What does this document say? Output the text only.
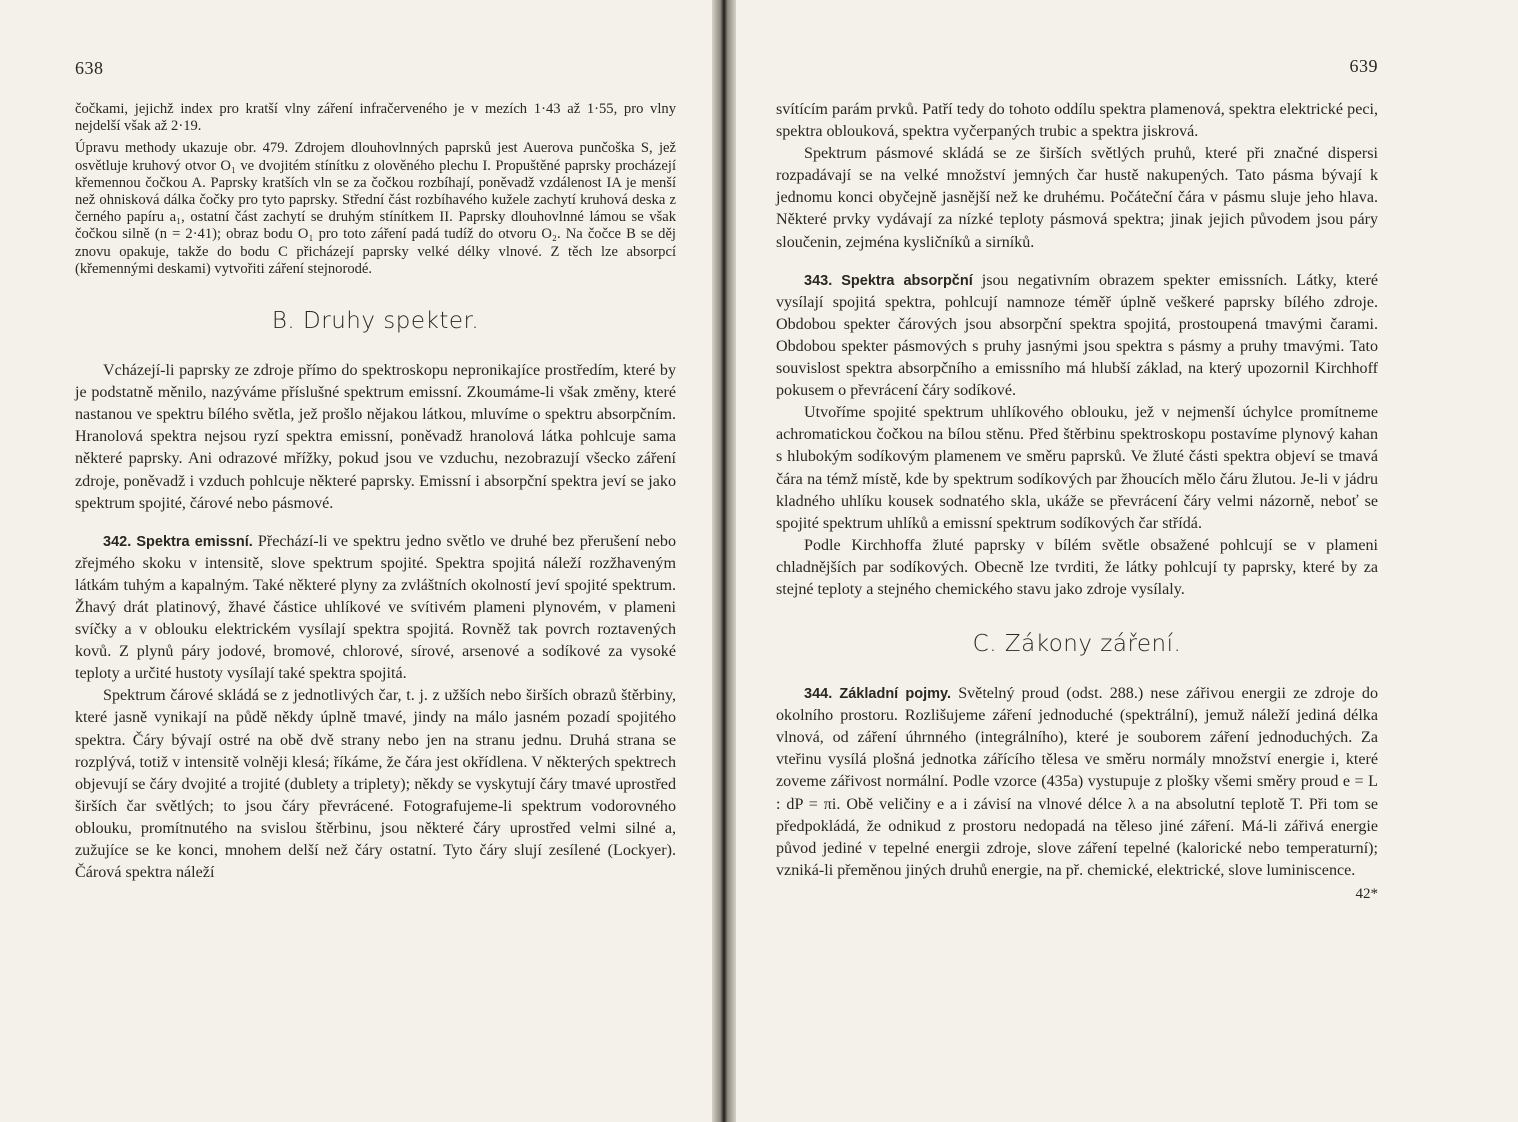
638

čočkami, jejichž index pro kratší vlny záření infračerveného je v mezích 1·43 až 1·55, pro vlny nejdelší však až 2·19.

Úpravu methody ukazuje obr. 479. Zdrojem dlouhovlnných paprsků jest Auerova punčoška S, jež osvětluje kruhový otvor O₁ ve dvojitém stínítku z olověného plechu I. Propuštěné paprsky procházejí křemennou čočkou A. Paprsky kratších vln se za čočkou rozbíhají, poněvadž vzdálenost IA je menší než ohnisková dálka čočky pro tyto paprsky. Střední část rozbíhavého kužele zachytí kruhová deska z černého papíru a₁, ostatní část zachytí se druhým stínítkem II. Paprsky dlouhovlnné lámou se však čočkou silně (n = 2·41); obraz bodu O₁ pro toto záření padá tudíž do otvoru O₂. Na čočce B se děj znovu opakuje, takže do bodu C přicházejí paprsky velké délky vlnové. Z těch lze absorpcí (křemennými deskami) vytvořiti záření stejnorodé.

B. Druhy spekter.

Vcházejí-li paprsky ze zdroje přímo do spektroskopu nepronikajíce prostředím, které by je podstatně měnilo, nazýváme příslušné spektrum emissní. Zkoumáme-li však změny, které nastanou ve spektru bílého světla, jež prošlo nějakou látkou, mluvíme o spektru absorpčním. Hranolová spektra nejsou ryzí spektra emissní, poněvadž hranolová látka pohlcuje sama některé paprsky. Ani odrazové mřížky, pokud jsou ve vzduchu, nezobrazují všecko záření zdroje, poněvadž i vzduch pohlcuje některé paprsky. Emissní i absorpční spektra jeví se jako spektrum spojité, čárové nebo pásmové.

342. Spektra emissní. Přechází-li ve spektru jedno světlo ve druhé bez přerušení nebo zřejmého skoku v intensitě, slove spektrum spojité. Spektra spojitá náleží rozžhaveným látkám tuhým a kapalným. Také některé plyny za zvláštních okolností jeví spojité spektrum. Žhavý drát platinový, žhavé částice uhlíkové ve svítivém plameni plynovém, v plameni svíčky a v oblouku elektrickém vysílají spektra spojitá. Rovněž tak povrch roztavených kovů. Z plynů páry jodové, bromové, chlorové, sírové, arsenové a sodíkové za vysoké teploty a určité hustoty vysílají také spektra spojitá.

Spektrum čárové skládá se z jednotlivých čar, t. j. z užších nebo širších obrazů štěrbiny, které jasně vynikají na půdě někdy úplně tmavé, jindy na málo jasném pozadí spojitého spektra. Čáry bývají ostré na obě dvě strany nebo jen na stranu jednu. Druhá strana se rozplývá, totiž v intensitě volněji klesá; říkáme, že čára jest okřídlena. V některých spektrech objevují se čáry dvojité a trojité (dublety a triplety); někdy se vyskytují čáry tmavé uprostřed širších čar světlých; to jsou čáry převrácené. Fotografujeme-li spektrum vodorovného oblouku, promítnutého na svislou štěrbinu, jsou některé čáry uprostřed velmi silné a, zužujíce se ke konci, mnohem delší než čáry ostatní. Tyto čáry slují zesílené (Lockyer). Čárová spektra náleží

639

svítícím parám prvků. Patří tedy do tohoto oddílu spektra plamenová, spektra elektrické peci, spektra oblouková, spektra vyčerpaných trubic a spektra jiskrová.

Spektrum pásmové skládá se ze širších světlých pruhů, které při značné dispersi rozpadávají se na velké množství jemných čar hustě nakupených. Tato pásma bývají k jednomu konci obyčejně jasnější než ke druhému. Počáteční čára v pásmu sluje jeho hlava. Některé prvky vydávají za nízké teploty pásmová spektra; jinak jejich původem jsou páry sloučenin, zejména kysličníků a sirníků.

343. Spektra absorpční jsou negativním obrazem spekter emissních. Látky, které vysílají spojitá spektra, pohlcují namnoze téměř úplně veškeré paprsky bílého zdroje. Obdobou spekter čárových jsou absorpční spektra spojitá, prostoupená tmavými čarami. Obdobou spekter pásmových s pruhy jasnými jsou spektra s pásmy a pruhy tmavými. Tato souvislost spektra absorpčního a emissního má hlubší základ, na který upozornil Kirchhoff pokusem o převrácení čáry sodíkové.

Utvoříme spojité spektrum uhlíkového oblouku, jež v nejmenší úchylce promítneme achromatickou čočkou na bílou stěnu. Před štěrbinu spektroskopu postavíme plynový kahan s hlubokým sodíkovým plamenem ve směru paprsků. Ve žluté části spektra objeví se tmavá čára na témž místě, kde by spektrum sodíkových par žhoucích mělo čáru žlutou. Je-li v jádru kladného uhlíku kousek sodnatého skla, ukáže se převrácení čáry velmi názorně, neboť se spojité spektrum uhlíků a emissní spektrum sodíkových čar střídá.

Podle Kirchhoffa žluté paprsky v bílém světle obsažené pohlcují se v plameni chladnějších par sodíkových. Obecně lze tvrditi, že látky pohlcují ty paprsky, které by za stejné teploty a stejného chemického stavu jako zdroje vysílaly.

C. Zákony záření.

344. Základní pojmy. Světelný proud (odst. 288.) nese zářivou energii ze zdroje do okolního prostoru. Rozlišujeme záření jednoduché (spektrální), jemuž náleží jediná délka vlnová, od záření úhrnného (integrálního), které je souborem záření jednoduchých. Za vteřinu vysílá plošná jednotka zářícího tělesa ve směru normály množství energie i, které zoveme zářivost normální. Podle vzorce (435a) vystupuje z plošky všemi směry proud e = L : dP = πi. Obě veličiny e a i závisí na vlnové délce λ a na absolutní teplotě T. Při tom se předpokládá, že odnikud z prostoru nedopadá na těleso jiné záření. Má-li zářivá energie původ jediné v tepelné energii zdroje, slove záření tepelné (kalorické nebo temperaturní); vzniká-li přeměnou jiných druhů energie, na př. chemické, elektrické, slove luminiscence.

42*
